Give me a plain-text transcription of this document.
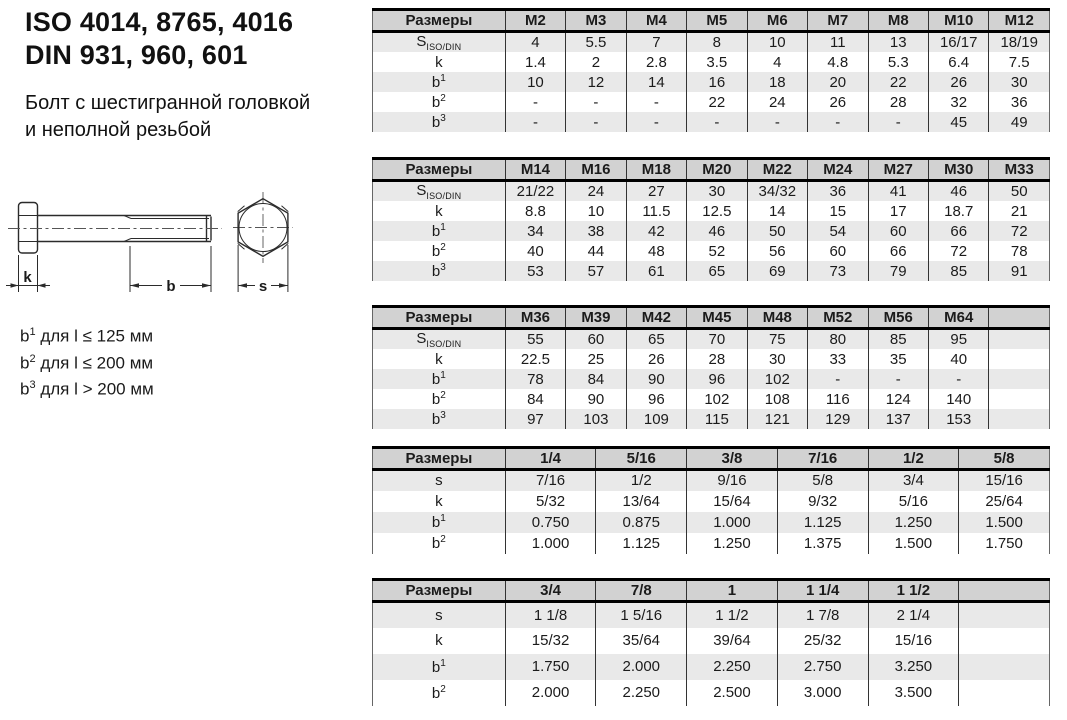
ISO 4014, 8765, 4016
DIN 931, 960, 601
Болт с шестигранной головкой
и неполной резьбой
k
b	s
$b^1$ для l ≤ 125 мм
$b^2$ для l ≤ 200 мм
$b^3$ для l > 200 мм
Размеры	M2	M3	M4	M5	M6	M7	M8	M10	M12
$S_{ISO/DIN}$	4	5.5	7	8	10	11	13	16/17	18/19
k	1.4	2	2.8	3.5	4	4.8	5.3	6.4	7.5
$b^1$	10	12	14	16	18	20	22	26	30
$b^2$	-	-	-	22	24	26	28	32	36
$b^3$	-	-	-	-	-	-	-	45	49
Размеры	M14	M16	M18	M20	M22	M24	M27	M30	M33
$S_{ISO/DIN}$	21/22	24	27	30	34/32	36	41	46	50
k	8.8	10	11.5	12.5	14	15	17	18.7	21
$b^1$	34	38	42	46	50	54	60	66	72
$b^2$	40	44	48	52	56	60	66	72	78
$b^3$	53	57	61	65	69	73	79	85	91
Размеры	M36	M39	M42	M45	M48	M52	M56	M64	
$S_{ISO/DIN}$	55	60	65	70	75	80	85	95	
k	22.5	25	26	28	30	33	35	40	
$b^1$	78	84	90	96	102	-	-	-	
$b^2$	84	90	96	102	108	116	124	140	
$b^3$	97	103	109	115	121	129	137	153	
Размеры	1/4	5/16	3/8	7/16	1/2	5/8
s	7/16	1/2	9/16	5/8	3/4	15/16
k	5/32	13/64	15/64	9/32	5/16	25/64
$b^1$	0.750	0.875	1.000	1.125	1.250	1.500
$b^2$	1.000	1.125	1.250	1.375	1.500	1.750
Размеры	3/4	7/8	1	1 1/4	1 1/2	
s	1 1/8	1 5/16	1 1/2	1 7/8	2 1/4	
k	15/32	35/64	39/64	25/32	15/16	
$b^1$	1.750	2.000	2.250	2.750	3.250	
$b^2$	2.000	2.250	2.500	3.000	3.500	
